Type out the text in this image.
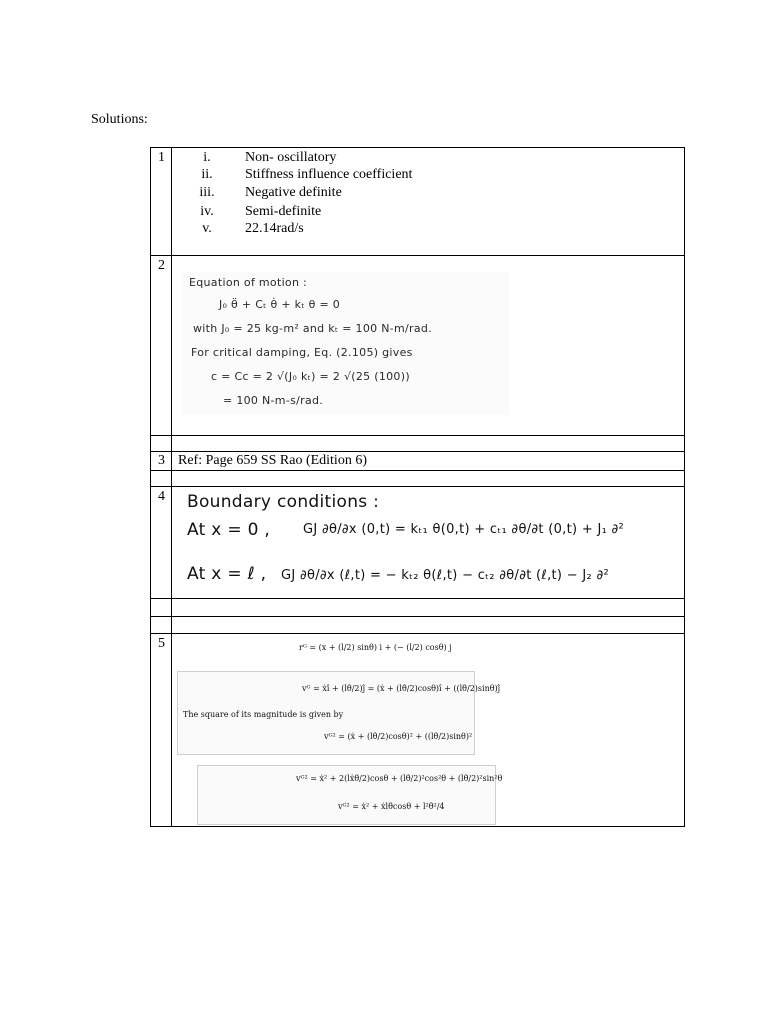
Solutions:
1	i.	Non- oscillatory
ii.	Stiffness influence coefficient
iii.	Negative definite
iv.	Semi-definite
v.	22.14rad/s
2
Equation of motion :
J₀ θ̈ + Cₜ θ̇ + kₜ θ = 0
with J₀ = 25 kg-m² and kₜ = 100 N-m/rad.
For critical damping, Eq. (2.105) gives
c = Cᴄ = 2 √(J₀ kₜ) = 2 √(25 (100))
= 100 N-m-s/rad.
3 Ref: Page 659 SS Rao (Edition 6)
4 Boundary conditions :
At x = 0 ,	GJ ∂θ/∂x (0,t) = kₜ₁ θ(0,t) + cₜ₁ ∂θ/∂t (0,t) + J₁ ∂²
At x = ℓ , GJ ∂θ/∂x (ℓ,t) = − kₜ₂ θ(ℓ,t) − cₜ₂ ∂θ/∂t (ℓ,t) − J₂ ∂²
5	rᴳ = (x + (l/2) sinθ) i + (− (l/2) cosθ) j
vᴳ = ẋî + (lθ̇/2)ĵ = (ẋ + (lθ̇/2)cosθ)î + ((lθ̇/2)sinθ)ĵ
The square of its magnitude is given by
vᴳ² = (ẋ + (lθ̇/2)cosθ)² + ((lθ̇/2)sinθ)²
vᴳ² = ẋ² + 2(lẋθ̇/2)cosθ + (lθ̇/2)²cos²θ + (lθ̇/2)²sin²θ
vᴳ² = ẋ² + ẋlθ̇cosθ + l²θ̇²/4
